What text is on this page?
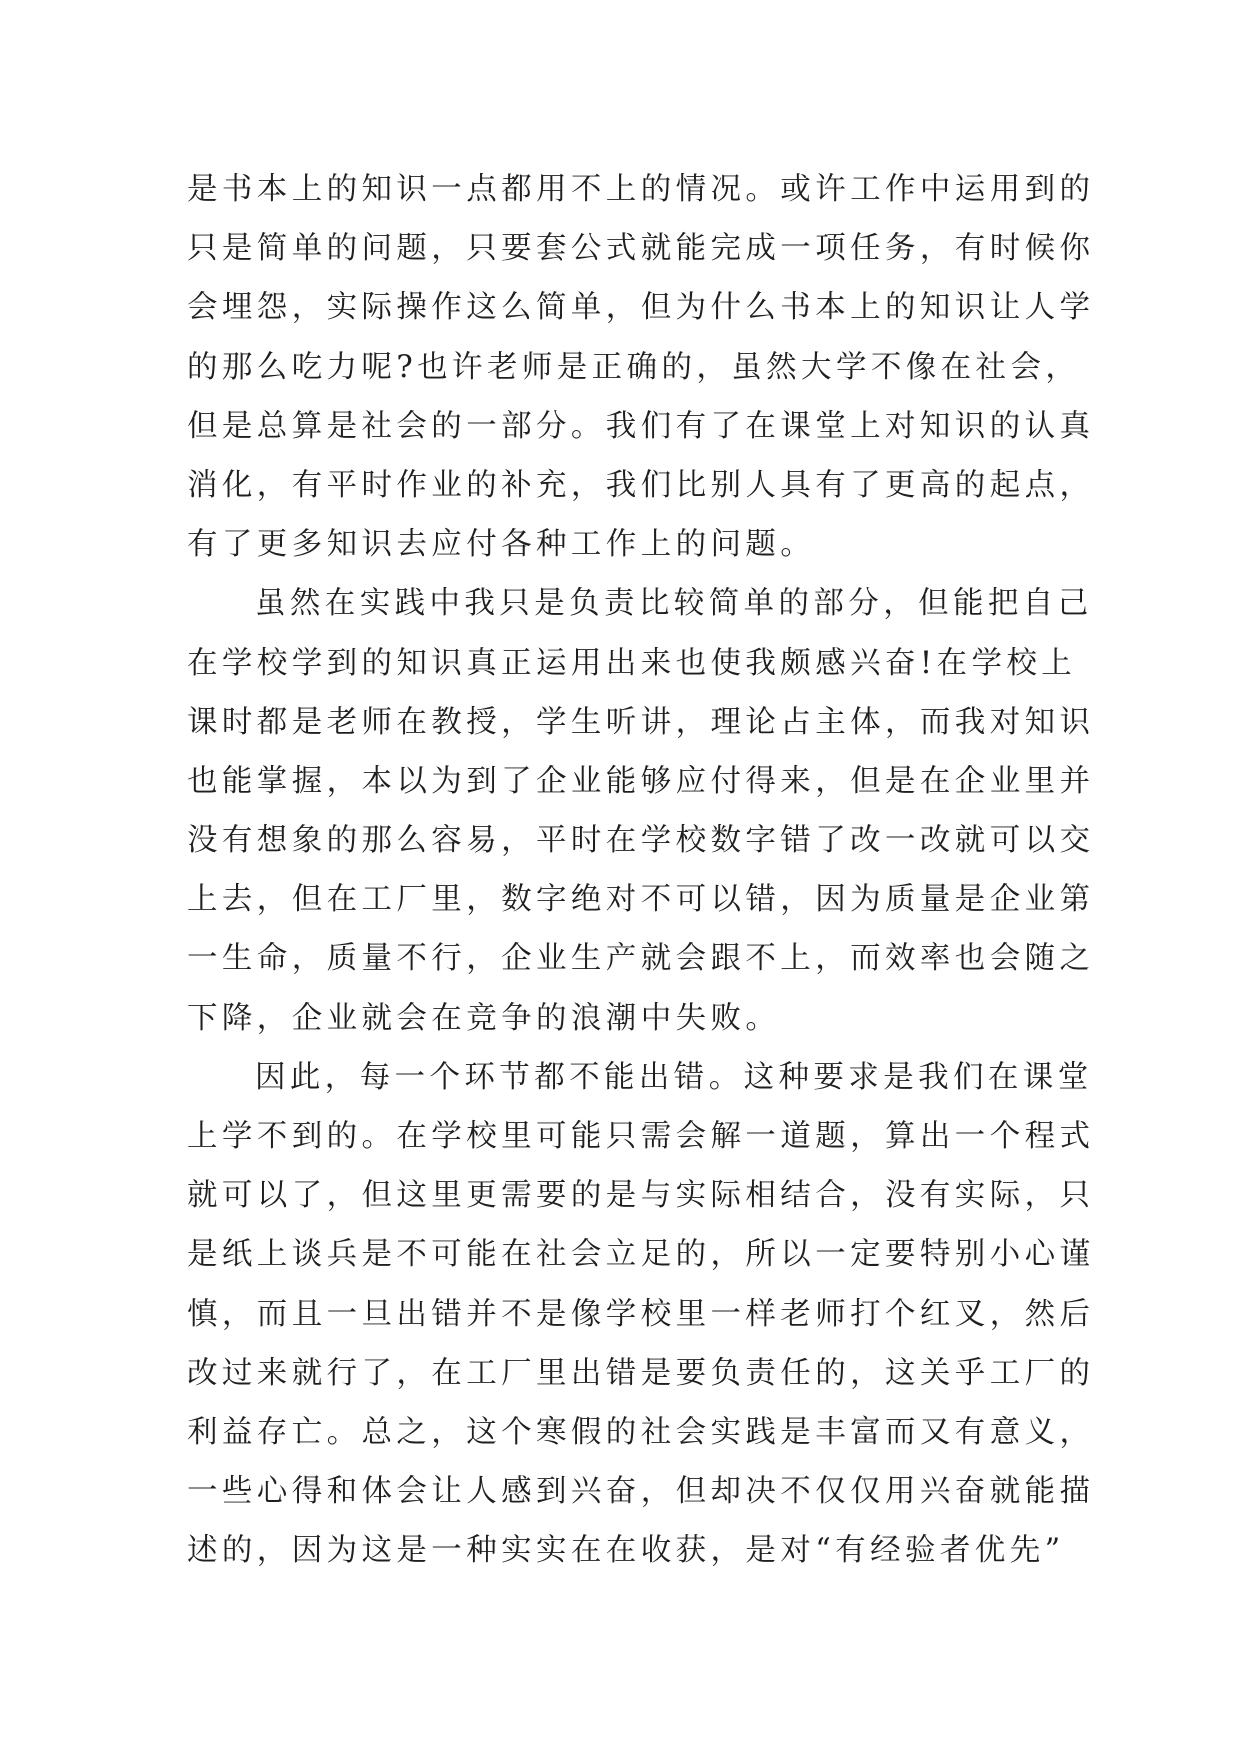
是书本上的知识一点都用不上的情况。或许工作中运用到的
只是简单的问题，只要套公式就能完成一项任务，有时候你
会埋怨，实际操作这么简单，但为什么书本上的知识让人学
的那么吃力呢?也许老师是正确的，虽然大学不像在社会，
但是总算是社会的一部分。我们有了在课堂上对知识的认真
消化，有平时作业的补充，我们比别人具有了更高的起点，
有了更多知识去应付各种工作上的问题。
虽然在实践中我只是负责比较简单的部分，但能把自己
在学校学到的知识真正运用出来也使我颇感兴奋!在学校上
课时都是老师在教授，学生听讲，理论占主体，而我对知识
也能掌握，本以为到了企业能够应付得来，但是在企业里并
没有想象的那么容易，平时在学校数字错了改一改就可以交
上去，但在工厂里，数字绝对不可以错，因为质量是企业第
一生命，质量不行，企业生产就会跟不上，而效率也会随之
下降，企业就会在竞争的浪潮中失败。
因此，每一个环节都不能出错。这种要求是我们在课堂
上学不到的。在学校里可能只需会解一道题，算出一个程式
就可以了，但这里更需要的是与实际相结合，没有实际，只
是纸上谈兵是不可能在社会立足的，所以一定要特别小心谨
慎，而且一旦出错并不是像学校里一样老师打个红叉，然后
改过来就行了，在工厂里出错是要负责任的，这关乎工厂的
利益存亡。总之，这个寒假的社会实践是丰富而又有意义，
一些心得和体会让人感到兴奋，但却决不仅仅用兴奋就能描
述的，因为这是一种实实在在收获，是对“有经验者优先”
